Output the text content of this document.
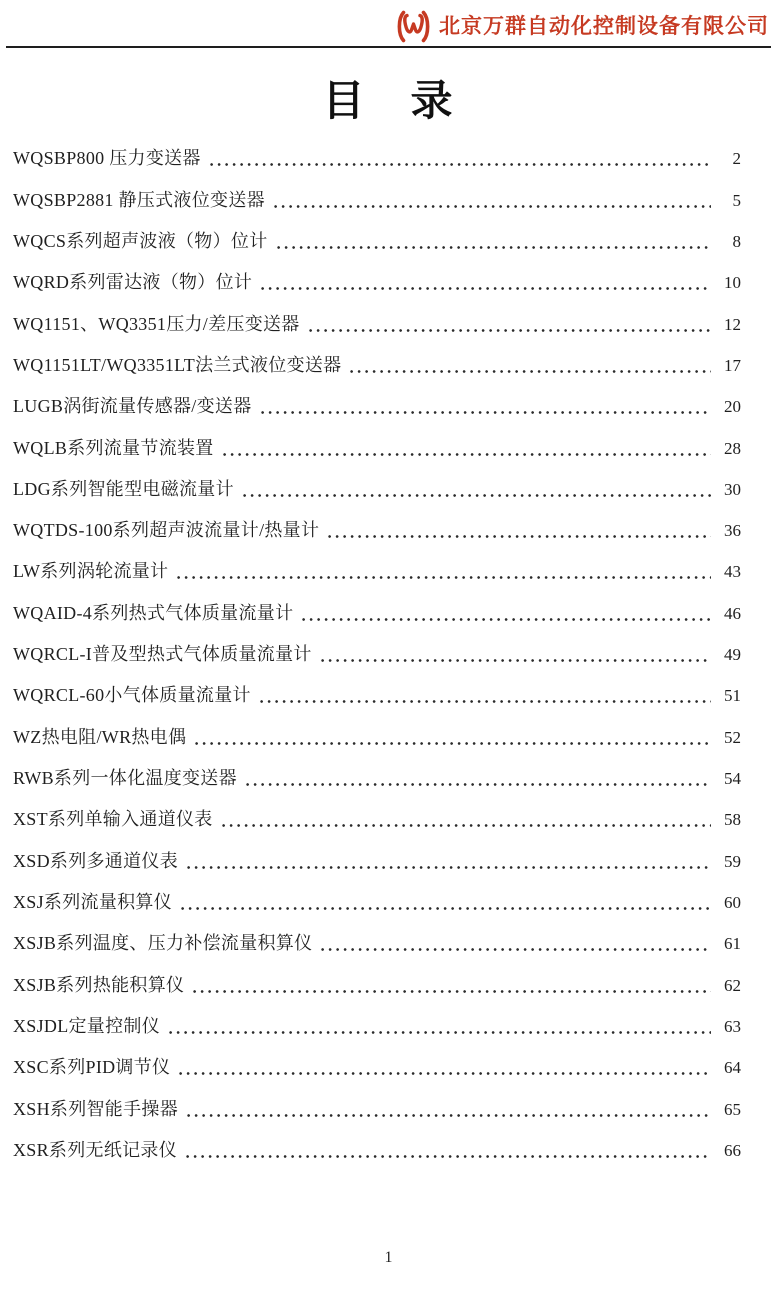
北京万群自动化控制设备有限公司
目　录
WQSBP800 压力变送器	2
WQSBP2881 静压式液位变送器	5
WQCS系列超声波液（物）位计	8
WQRD系列雷达液（物）位计	10
WQ1151、WQ3351压力/差压变送器	12
WQ1151LT/WQ3351LT法兰式液位变送器	17
LUGB涡街流量传感器/变送器	20
WQLB系列流量节流装置	28
LDG系列智能型电磁流量计	30
WQTDS-100系列超声波流量计/热量计	36
LW系列涡轮流量计	43
WQAID-4系列热式气体质量流量计	46
WQRCL-I普及型热式气体质量流量计	49
WQRCL-60小气体质量流量计	51
WZ热电阻/WR热电偶	52
RWB系列一体化温度变送器	54
XST系列单输入通道仪表	58
XSD系列多通道仪表	59
XSJ系列流量积算仪	60
XSJB系列温度、压力补偿流量积算仪	61
XSJB系列热能积算仪	62
XSJDL定量控制仪	63
XSC系列PID调节仪	64
XSH系列智能手操器	65
XSR系列无纸记录仪	66
1
